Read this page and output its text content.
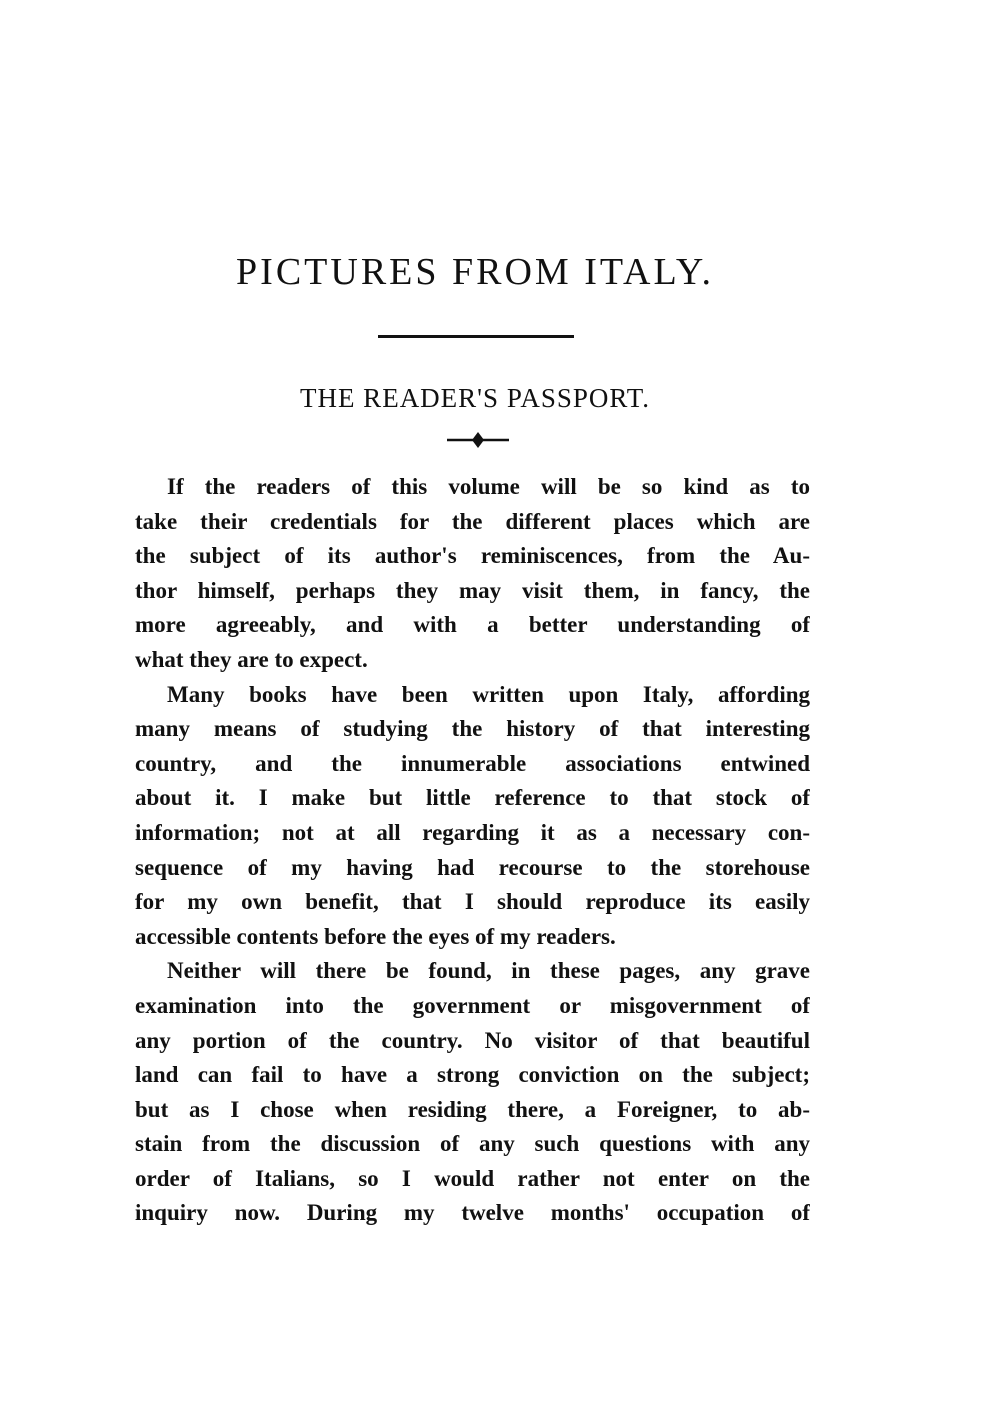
PICTURES FROM ITALY.
THE READER'S PASSPORT.
If the readers of this volume will be so kind as to
take their credentials for the different places which are
the subject of its author's reminiscences, from the Au-
thor himself, perhaps they may visit them, in fancy, the
more agreeably, and with a better understanding of
what they are to expect.
Many books have been written upon Italy, affording
many means of studying the history of that interesting
country, and the innumerable associations entwined
about it. I make but little reference to that stock of
information; not at all regarding it as a necessary con-
sequence of my having had recourse to the storehouse
for my own benefit, that I should reproduce its easily
accessible contents before the eyes of my readers.
Neither will there be found, in these pages, any grave
examination into the government or misgovernment of
any portion of the country. No visitor of that beautiful
land can fail to have a strong conviction on the subject;
but as I chose when residing there, a Foreigner, to ab-
stain from the discussion of any such questions with any
order of Italians, so I would rather not enter on the
inquiry now. During my twelve months' occupation of
